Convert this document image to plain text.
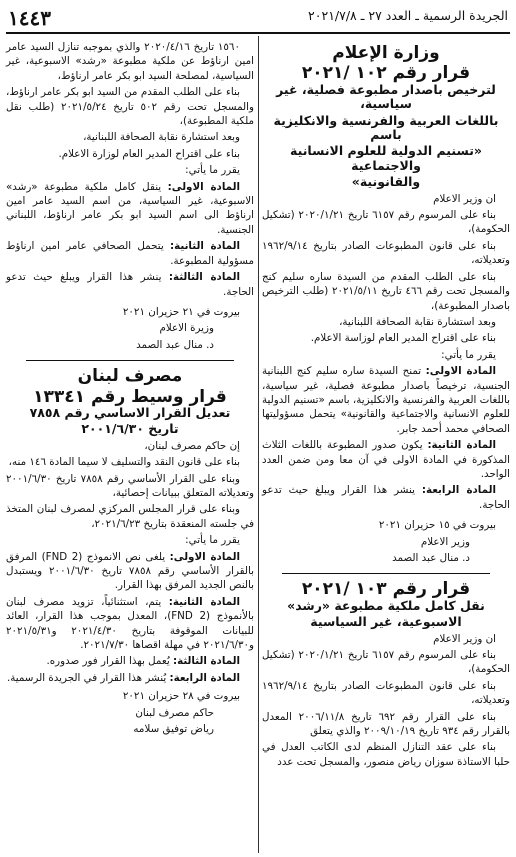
الجريدة الرسمية ـ العدد ٢٧ ـ ٢٠٢١/٧/٨
١٤٤٣
وزارة الإعلام
قرار رقم ١٠٢ /٢٠٢١
لترخيص باصدار مطبوعة فصلية، غير سياسية،
باللغات العربية والفرنسية والانكليزية باسم
«تسنيم الدولية للعلوم الانسانية والاجتماعية
والقانونية»

ان وزير الاعلام

بناء على المرسوم رقم ٦١٥٧ تاريخ ٢٠٢٠/١/٢١ (تشكيل الحكومة)،

بناء على قانون المطبوعات الصادر بتاريخ ١٩٦٢/٩/١٤ وتعديلاته،

بناء على الطلب المقدم من السيدة ساره سليم كنج والمسجل تحت رقم ٤٦٦ تاريخ ٢٠٢١/٥/١١ (طلب الترخيص باصدار المطبوعة)،

وبعد استشارة نقابة الصحافة اللبنانية،

بناء على اقتراح المدير العام لوزاسة الاعلام.

يقرر ما يأتي:

المادة الاولى: تمنح السيدة ساره سليم كنج اللبنانية الجنسية، ترخيصاً باصدار مطبوعة فصلية، غير سياسية، باللغات العربية والفرنسية والانكليزية، باسم «تسنيم الدولية للعلوم الانسانية والاجتماعية والقانونية» يتحمل مسؤوليتها الصحافي محمد أحمد جابر.

المادة الثانية: يكون صدور المطبوعة باللغات الثلاث المذكورة في المادة الاولى في آن معا ومن ضمن العدد الواحد.

المادة الرابعة: ينشر هذا القرار ويبلغ حيث تدعو الحاجة.

بيروت في ١٥ حزيران ٢٠٢١

وزير الاعلام

د. منال عبد الصمد

قرار رقم ١٠٣ /٢٠٢١
نقل كامل ملكية مطبوعة «رشد»
الاسبوعية، غير السياسية

ان وزير الاعلام

بناء على المرسوم رقم ٦١٥٧ تاريخ ٢٠٢٠/١/٢١ (تشكيل الحكومة)،

بناء على قانون المطبوعات الصادر بتاريخ ١٩٦٢/٩/١٤ وتعديلاته،

بناء على القرار رقم ٦٩٢ تاريخ ٢٠٠٦/١١/٨ المعدل بالقرار رقم ٩٣٤ تاريخ ٢٠٠٩/١٠/١٩ والذي يتعلق

بناء على عقد التنازل المنظم لدى الكاتب العدل في حلبا الاستاذة سوزان رياض منصور، والمسجل تحت عدد

١٥٦٠ تاريخ ٢٠٢٠/٤/١٦ والذي بموجبه تنازل السيد عامر امين ارناؤط عن ملكية مطبوعة «رشد» الاسبوعية، غير السياسية، لمصلحة السيد ابو بكر عامر ارناؤط،

بناء على الطلب المقدم من السيد ابو بكر عامر ارناؤط، والمسجل تحت رقم ٥٠٢ تاريخ ٢٠٢١/٥/٢٤ (طلب نقل ملكية المطبوعة)،

وبعد استشارة نقابة الصحافة اللبنانية،

بناء على اقتراح المدير العام لوزارة الاعلام.

يقرر ما يأتي:

المادة الاولى: ينقل كامل ملكية مطبوعة «رشد» الاسبوعية، غير السياسية، من اسم السيد عامر امين ارناؤط الى اسم السيد ابو بكر عامر ارناؤط، اللبناني الجنسية.

المادة الثانية: يتحمل الصحافي عامر امين ارناؤط مسؤولية المطبوعة.

المادة الثالثة: ينشر هذا القرار ويبلغ حيث تدعو الحاجة.

بيروت في ٢١ حزيران ٢٠٢١

وزيرة الاعلام

د. منال عبد الصمد

مصرف لبنان
قرار وسيط رقم ١٣٣٤١
تعديل القرار الاساسي رقم ٧٨٥٨
تاريخ ٢٠٠١/٦/٣٠

إن حاكم مصرف لبنان،

بناء على قانون النقد والتسليف لا سيما المادة ١٤٦ منه،

وبناء على القرار الأساسي رقم ٧٨٥٨ تاريخ ٢٠٠١/٦/٣٠ وتعديلاته المتعلق ببيانات إحصائية،

وبناء على قرار المجلس المركزي لمصرف لبنان المتخذ في جلسته المنعقدة بتاريخ ٢٠٢١/٦/٢٣،

يقرر ما يأتي:

المادة الاولى: يلغى نص الانموذج (FND 2) المرفق بالقرار الأساسي رقم ٧٨٥٨ تاريخ ٢٠٠١/٦/٣٠ ويستبدل بالنص الجديد المرفق بهذا القرار.

المادة الثانية: يتم، استثنائياً، تزويد مصرف لبنان بالأنموذج (FND 2)، المعدل بموجب هذا القرار، العائد للبيانات الموقوفة بتاريخ ٢٠٢١/٤/٣٠ و٢٠٢١/٥/٣١ و٢٠٢١/٦/٣٠ في مهلة اقصاها ٢٠٢١/٧/٣٠.

المادة الثالثة: يُعمل بهذا القرار فور صدوره.

المادة الرابعة: يُنشر هذا القرار في الجريدة الرسمية.

بيروت في ٢٨ حزيران ٢٠٢١

حاكم مصرف لبنان

رياض توفيق سلامه
